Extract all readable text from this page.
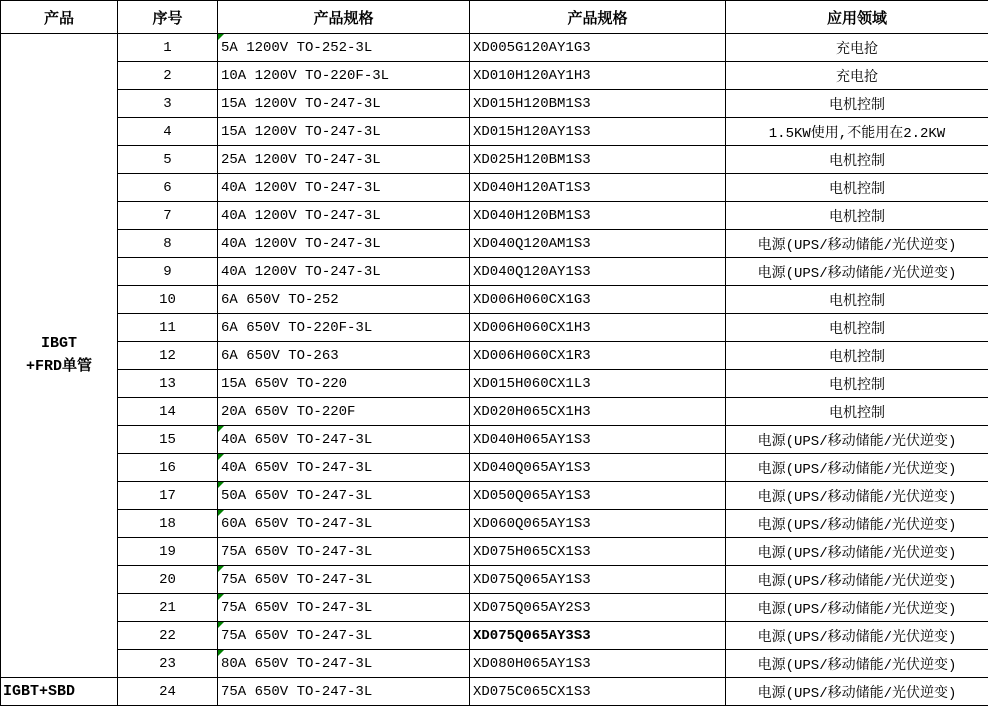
产品	序号	产品规格	产品规格	应用领域
IBGT
+FRD单管	1	5A 1200V TO-252-3L	XD005G120AY1G3	充电抢
	2	10A 1200V TO-220F-3L	XD010H120AY1H3	充电抢
	3	15A 1200V TO-247-3L	XD015H120BM1S3	电机控制
	4	15A 1200V TO-247-3L	XD015H120AY1S3	1.5KW使用,不能用在2.2KW
	5	25A 1200V TO-247-3L	XD025H120BM1S3	电机控制
	6	40A 1200V TO-247-3L	XD040H120AT1S3	电机控制
	7	40A 1200V TO-247-3L	XD040H120BM1S3	电机控制
	8	40A 1200V TO-247-3L	XD040Q120AM1S3	电源(UPS/移动储能/光伏逆变)
	9	40A 1200V TO-247-3L	XD040Q120AY1S3	电源(UPS/移动储能/光伏逆变)
	10	6A 650V TO-252	XD006H060CX1G3	电机控制
	11	6A 650V TO-220F-3L	XD006H060CX1H3	电机控制
	12	6A 650V TO-263	XD006H060CX1R3	电机控制
	13	15A 650V TO-220	XD015H060CX1L3	电机控制
	14	20A 650V TO-220F	XD020H065CX1H3	电机控制
	15	40A 650V TO-247-3L	XD040H065AY1S3	电源(UPS/移动储能/光伏逆变)
	16	40A 650V TO-247-3L	XD040Q065AY1S3	电源(UPS/移动储能/光伏逆变)
	17	50A 650V TO-247-3L	XD050Q065AY1S3	电源(UPS/移动储能/光伏逆变)
	18	60A 650V TO-247-3L	XD060Q065AY1S3	电源(UPS/移动储能/光伏逆变)
	19	75A 650V TO-247-3L	XD075H065CX1S3	电源(UPS/移动储能/光伏逆变)
	20	75A 650V TO-247-3L	XD075Q065AY1S3	电源(UPS/移动储能/光伏逆变)
	21	75A 650V TO-247-3L	XD075Q065AY2S3	电源(UPS/移动储能/光伏逆变)
	22	75A 650V TO-247-3L	XD075Q065AY3S3	电源(UPS/移动储能/光伏逆变)
	23	80A 650V TO-247-3L	XD080H065AY1S3	电源(UPS/移动储能/光伏逆变)
IGBT+SBD	24	75A 650V TO-247-3L	XD075C065CX1S3	电源(UPS/移动储能/光伏逆变)
